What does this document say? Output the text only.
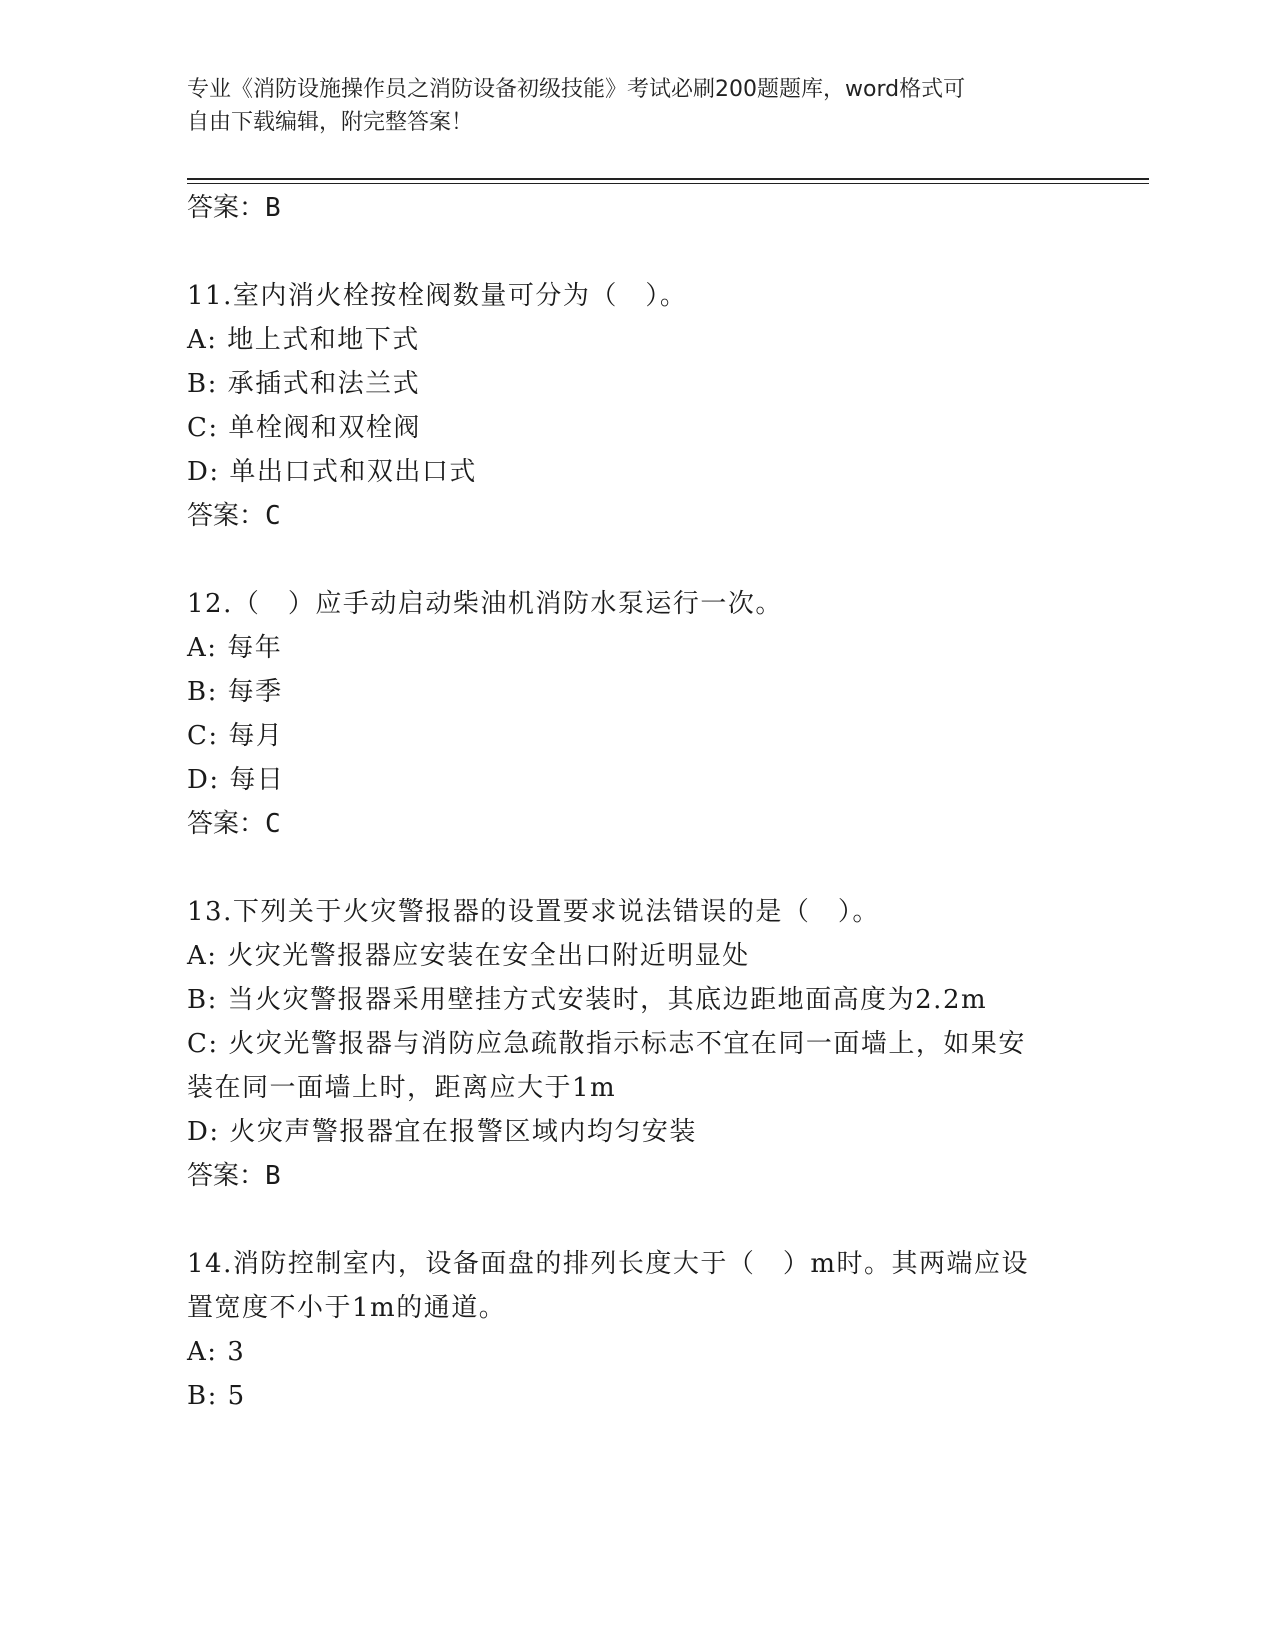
专业《消防设施操作员之消防设备初级技能》考试必刷200题题库，word格式可
自由下载编辑，附完整答案！
答案：B
11.室内消火栓按栓阀数量可分为（　）。
A: 地上式和地下式
B: 承插式和法兰式
C: 单栓阀和双栓阀
D: 单出口式和双出口式
答案：C
12.（　）应手动启动柴油机消防水泵运行一次。
A: 每年
B: 每季
C: 每月
D: 每日
答案：C
13.下列关于火灾警报器的设置要求说法错误的是（　）。
A: 火灾光警报器应安装在安全出口附近明显处
B: 当火灾警报器采用壁挂方式安装时，其底边距地面高度为2.2m
C: 火灾光警报器与消防应急疏散指示标志不宜在同一面墙上，如果安
装在同一面墙上时，距离应大于1m
D: 火灾声警报器宜在报警区域内均匀安装
答案：B
14.消防控制室内，设备面盘的排列长度大于（　）m时。其两端应设
置宽度不小于1m的通道。
A: 3
B: 5
